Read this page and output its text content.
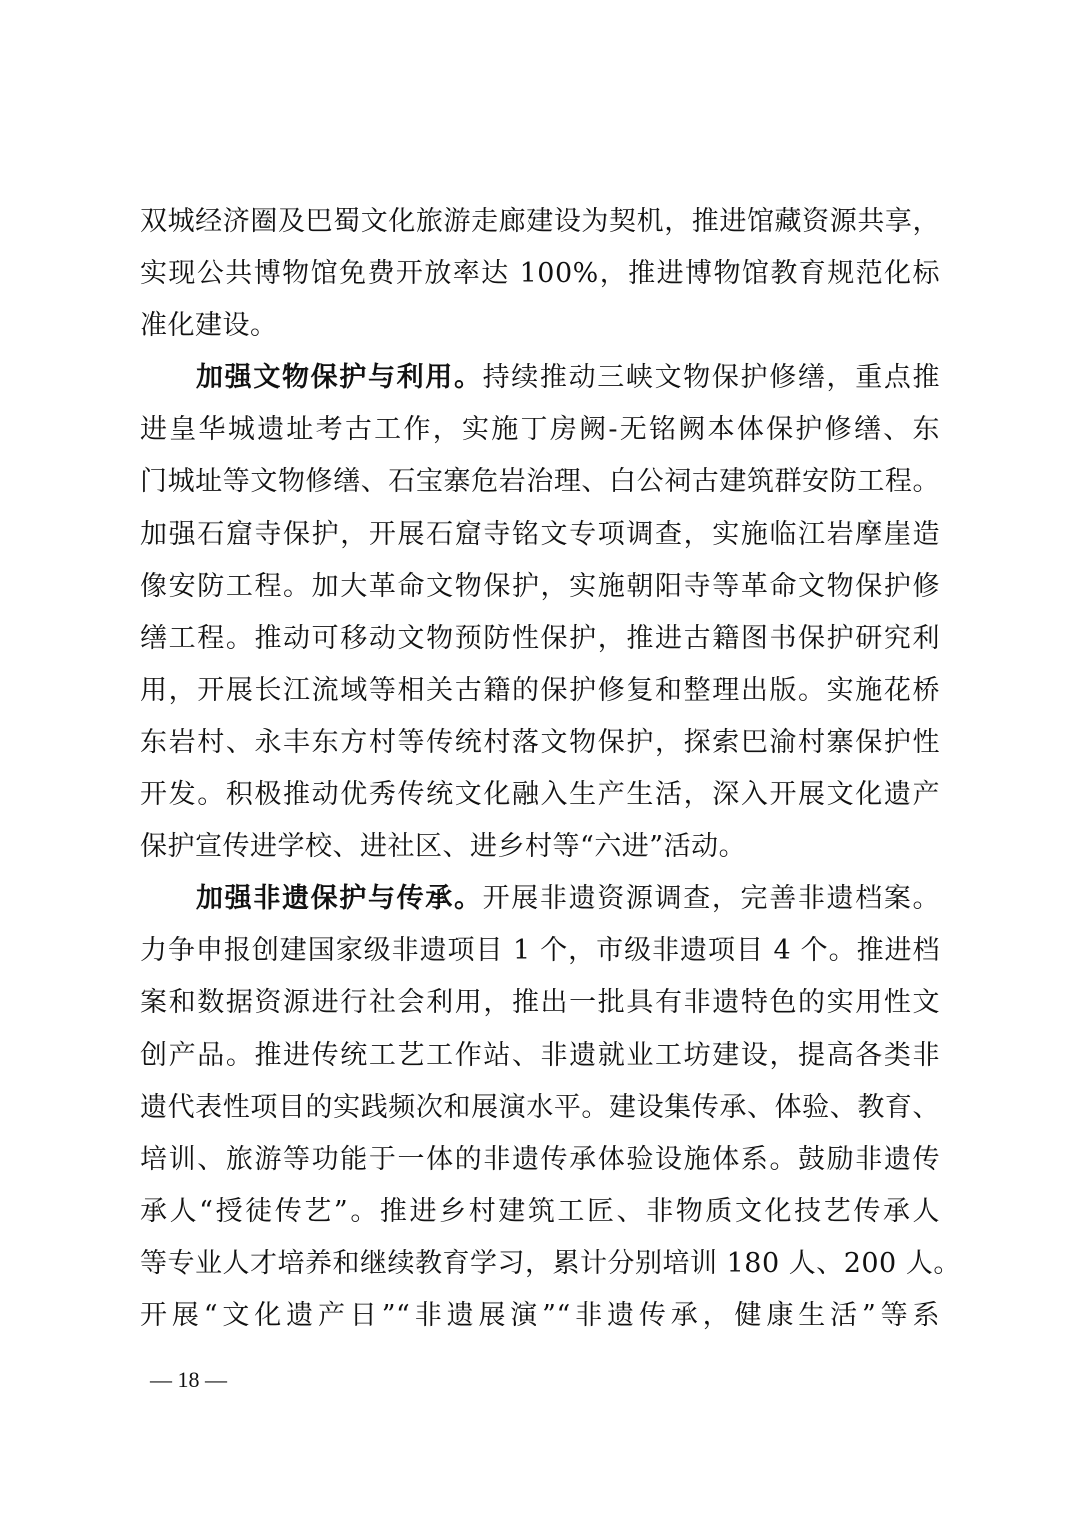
双城经济圈及巴蜀文化旅游走廊建设为契机，推进馆藏资源共享，
实现公共博物馆免费开放率达 100%，推进博物馆教育规范化标
准化建设。
加强文物保护与利用。持续推动三峡文物保护修缮，重点推
进皇华城遗址考古工作，实施丁房阙-无铭阙本体保护修缮、东
门城址等文物修缮、石宝寨危岩治理、白公祠古建筑群安防工程。
加强石窟寺保护，开展石窟寺铭文专项调查，实施临江岩摩崖造
像安防工程。加大革命文物保护，实施朝阳寺等革命文物保护修
缮工程。推动可移动文物预防性保护，推进古籍图书保护研究利
用，开展长江流域等相关古籍的保护修复和整理出版。实施花桥
东岩村、永丰东方村等传统村落文物保护，探索巴渝村寨保护性
开发。积极推动优秀传统文化融入生产生活，深入开展文化遗产
保护宣传进学校、进社区、进乡村等“六进”活动。
加强非遗保护与传承。开展非遗资源调查，完善非遗档案。
力争申报创建国家级非遗项目 1 个，市级非遗项目 4 个。推进档
案和数据资源进行社会利用，推出一批具有非遗特色的实用性文
创产品。推进传统工艺工作站、非遗就业工坊建设，提高各类非
遗代表性项目的实践频次和展演水平。建设集传承、体验、教育、
培训、旅游等功能于一体的非遗传承体验设施体系。鼓励非遗传
承人“授徒传艺”。推进乡村建筑工匠、非物质文化技艺传承人
等专业人才培养和继续教育学习，累计分别培训 180 人、200 人。
开展“文化遗产日”“非遗展演”“非遗传承，健康生活”等系
— 18 —
